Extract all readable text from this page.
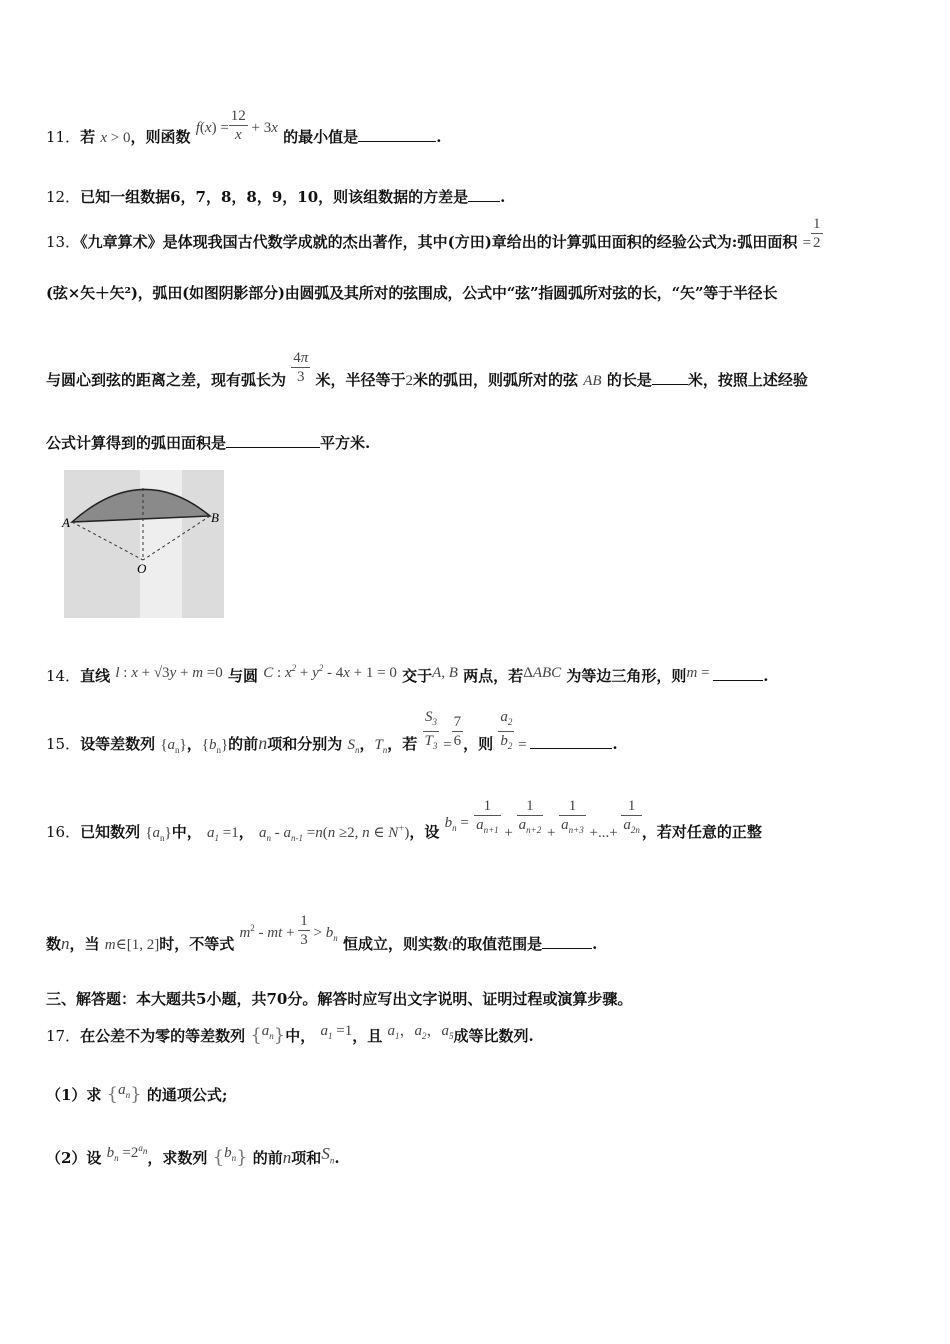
11．若 x > 0，则函数 $f(x) = \frac{12}{x} + 3x$ 的最小值是	.
12．已知一组数据6，7，8，8，9，10，则该组数据的方差是 .
13．《九章算术》是体现我国古代数学成就的杰出著作，其中(方田)章给出的计算弧田面积的经验公式为:弧田面积 = $\frac{1}{2}$
(弦×矢＋矢²)，弧田(如图阴影部分)由圆弧及其所对的弦围成，公式中“弦”指圆弧所对弦的长，“矢”等于半径长
与圆心到弦的距离之差，现有弧长为 $\frac{4\pi}{3}$ 米，半径等于2米的弧田，则弧所对的弦 AB 的长是 米，按照上述经验
公式计算得到的弧田面积是	平方米.
A	B
O
14．直线 l : x + √3y + m =0 与圆 C : $x^2 + y^2 - 4x + 1 = 0$ 交于A, B 两点，若ΔABC 为等边三角形，则m =	.
15．设等差数列 $\{a_n\}$，$\{b_n\}$的前n项和分别为 $S_n$，$T_n$，若 $\frac{S_3}{T_3} = \frac{7}{6}$ ，则 $\frac{a_2}{b_2}$ =	.
16．已知数列 $\{a_n\}$中， $a_1 =1$， $a_n - a_{n-1} =n(n \ge 2$, n ∈ N+)，设 $b_n = \frac{1}{a_{n+1}} + \frac{1}{a_{n+2}} + \frac{1}{a_{n+3}}$ +...+ $\frac{1}{a_{2n}}$ ，若对任意的正整
数n，当 m∈[1, 2]时，不等式 $m^2$ - mt + $\frac{1}{3} > b_n$ 恒成立，则实数t的取值范围是	.
三、解答题：本大题共5小题，共70分。解答时应写出文字说明、证明过程或演算步骤。
17．在公差不为零的等差数列 $\{a_n\}$中， $a_1 =1$，且 $a_1$，$a_2$，$a_5$成等比数列.
（1）求 $\{a_n\}$ 的通项公式;
（2）设 $b_n =2^{a_n}$，求数列 $\{b_n\}$ 的前n项和$S_n$.
